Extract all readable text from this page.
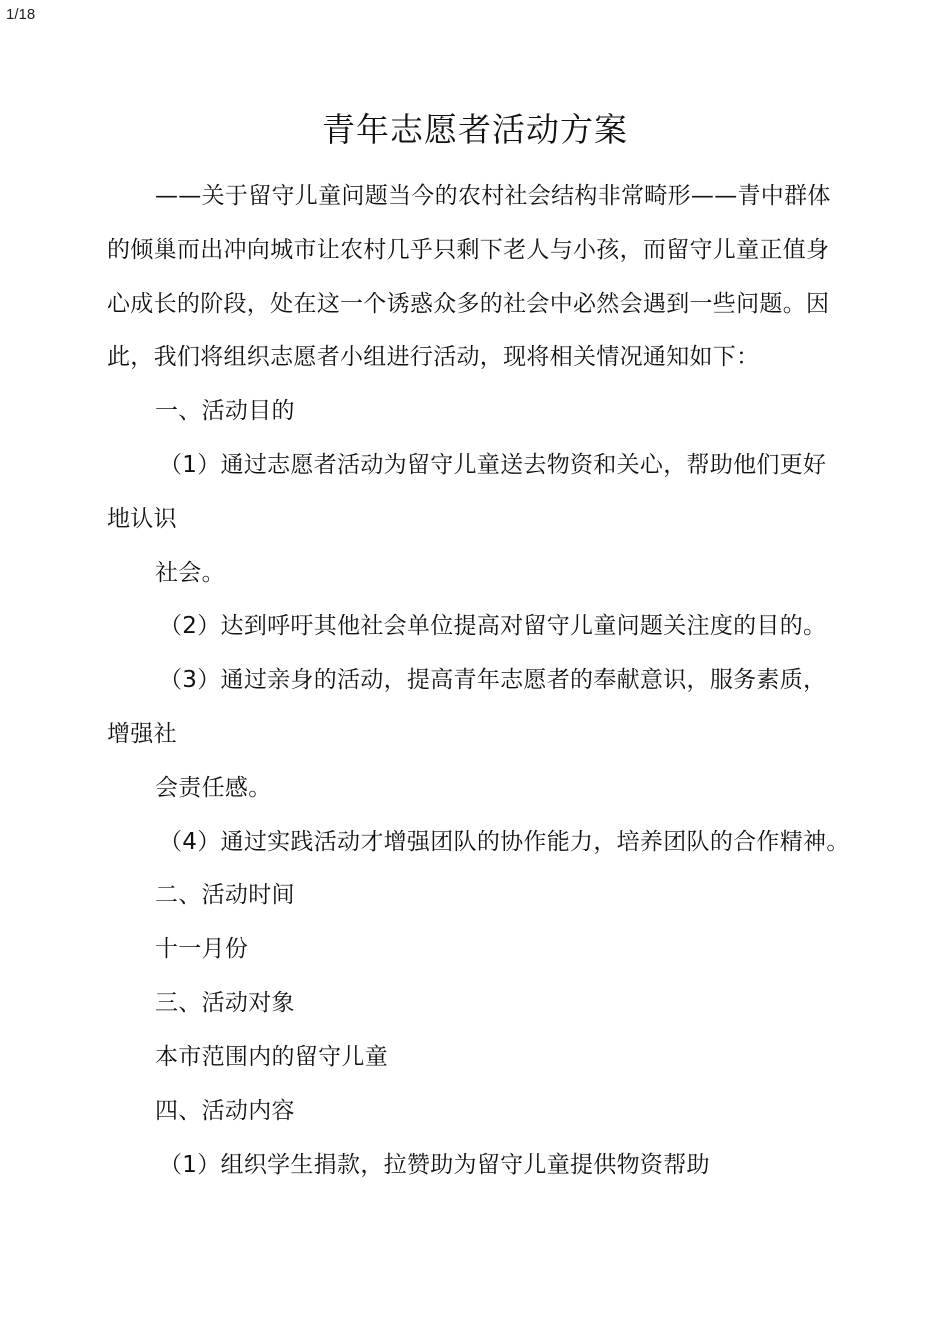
1/18
青年志愿者活动方案
——关于留守儿童问题当今的农村社会结构非常畸形——青中群体
的倾巢而出冲向城市让农村几乎只剩下老人与小孩，而留守儿童正值身
心成长的阶段，处在这一个诱惑众多的社会中必然会遇到一些问题。因
此，我们将组织志愿者小组进行活动，现将相关情况通知如下：
一、活动目的
（1）通过志愿者活动为留守儿童送去物资和关心，帮助他们更好
地认识
社会。
（2）达到呼吁其他社会单位提高对留守儿童问题关注度的目的。
（3）通过亲身的活动，提高青年志愿者的奉献意识，服务素质，
增强社
会责任感。
（4）通过实践活动才增强团队的协作能力，培养团队的合作精神。
二、活动时间
十一月份
三、活动对象
本市范围内的留守儿童
四、活动内容
（1）组织学生捐款，拉赞助为留守儿童提供物资帮助
